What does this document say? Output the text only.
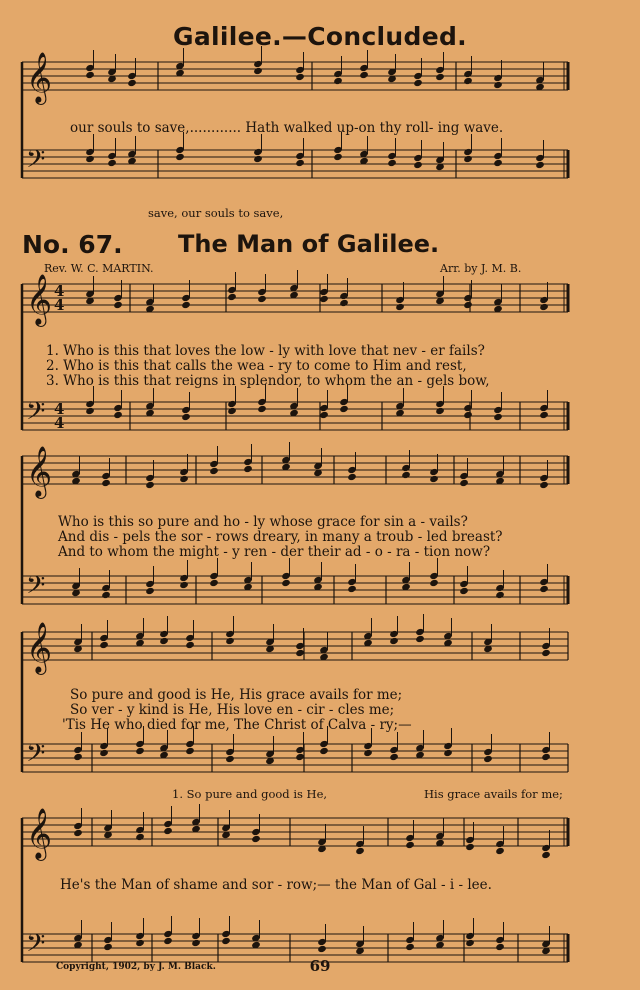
Galilee.—Concluded.
𝄞
𝄢
𝄞
𝄢
4
4
4
4
𝄞
𝄢
𝄞
𝄢
𝄞
𝄢
our souls to save,............ Hath walked up-on thy roll- ing wave.
save, our souls to save,
No. 67. The Man of Galilee.
Rev. W. C. MARTIN.	Arr. by J. M. B.
1. Who is this that loves the low - ly with love that nev - er fails?
2. Who is this that calls the wea - ry to come to Him and rest,
3. Who is this that reigns in splendor, to whom the an - gels bow,
Who is this so pure and ho - ly whose grace for sin a - vails?
And dis - pels the sor - rows dreary, in many a troub - led breast?
And to whom the might - y ren - der their ad - o - ra - tion now?
So pure and good is He, His grace avails for me;
So ver - y kind is He, His love en - cir - cles me;
'Tis He who died for me, The Christ of Calva - ry;—
1. So pure and good is He,	His grace avails for me;
He's the Man of shame and sor - row;— the Man of Gal - i - lee.
Copyright, 1902, by J. M. Black.	69
